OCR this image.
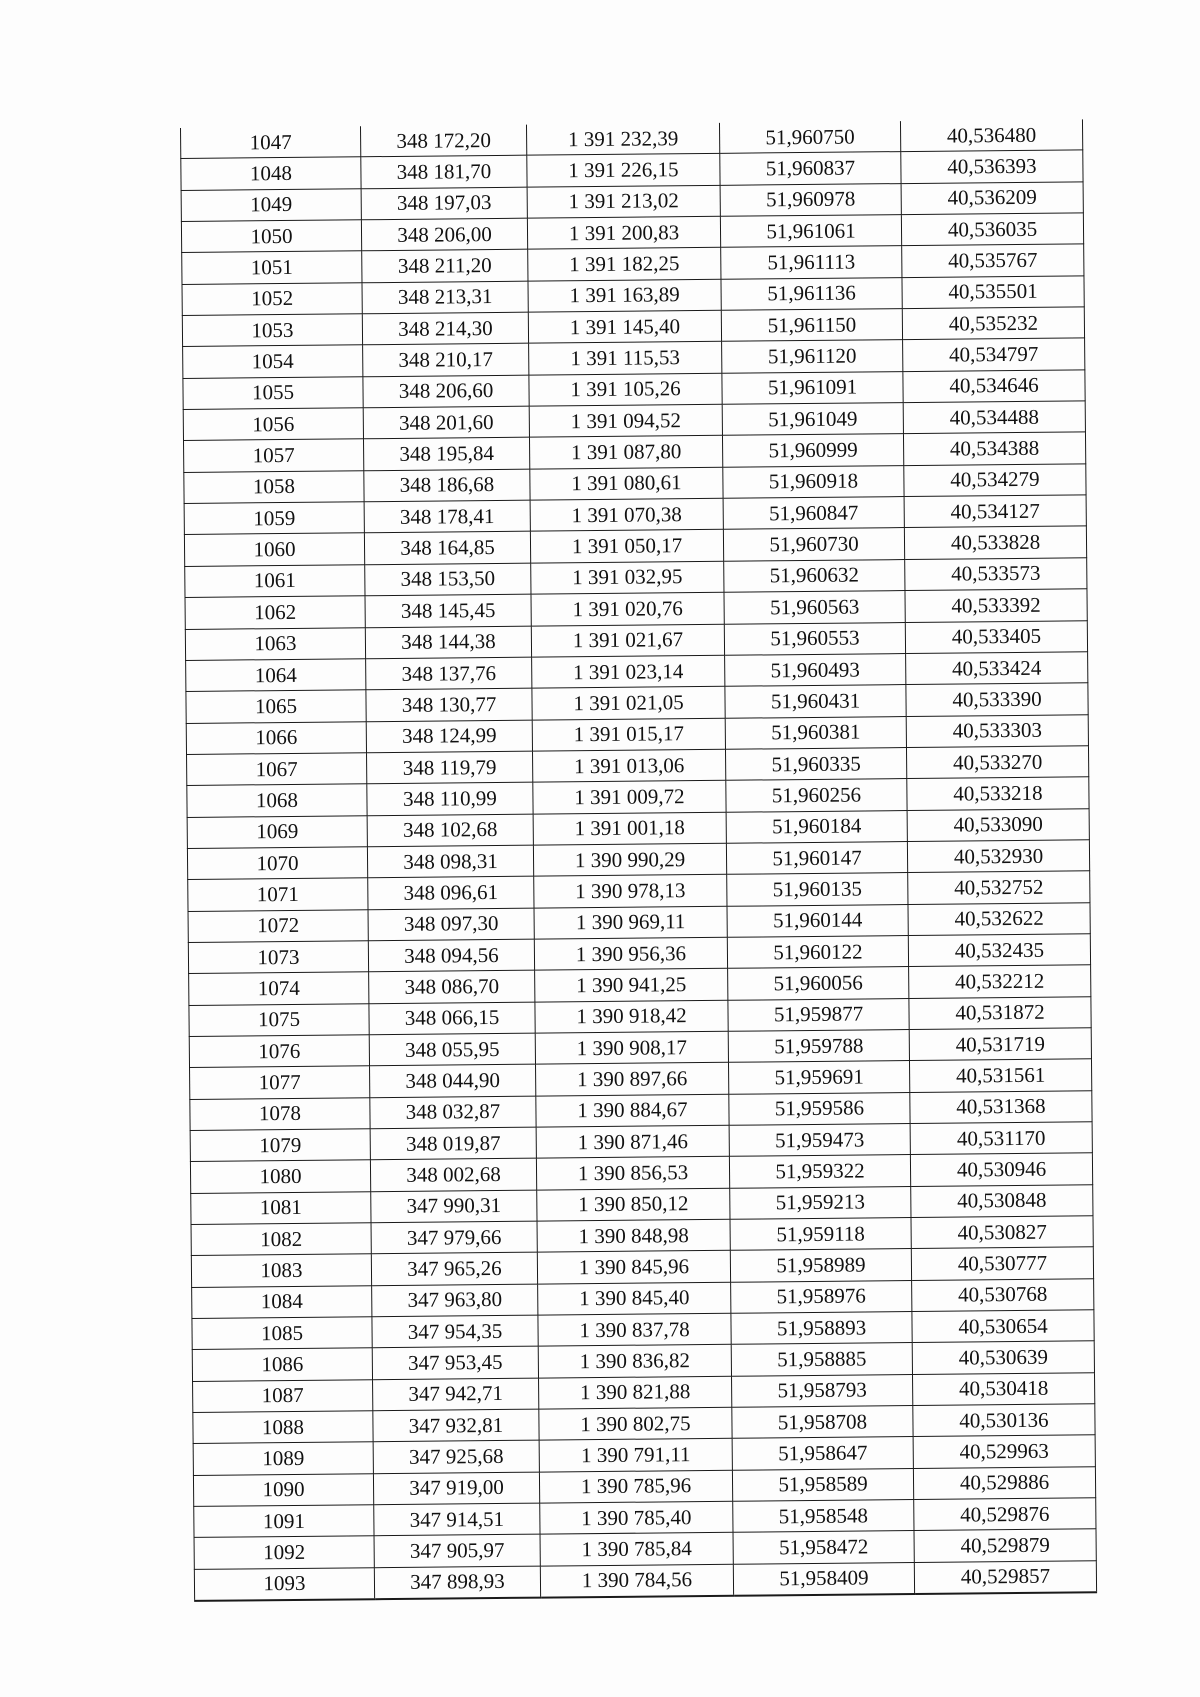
1047	348 172,20	1 391 232,39	51,960750	40,536480
1048	348 181,70	1 391 226,15	51,960837	40,536393
1049	348 197,03	1 391 213,02	51,960978	40,536209
1050	348 206,00	1 391 200,83	51,961061	40,536035
1051	348 211,20	1 391 182,25	51,961113	40,535767
1052	348 213,31	1 391 163,89	51,961136	40,535501
1053	348 214,30	1 391 145,40	51,961150	40,535232
1054	348 210,17	1 391 115,53	51,961120	40,534797
1055	348 206,60	1 391 105,26	51,961091	40,534646
1056	348 201,60	1 391 094,52	51,961049	40,534488
1057	348 195,84	1 391 087,80	51,960999	40,534388
1058	348 186,68	1 391 080,61	51,960918	40,534279
1059	348 178,41	1 391 070,38	51,960847	40,534127
1060	348 164,85	1 391 050,17	51,960730	40,533828
1061	348 153,50	1 391 032,95	51,960632	40,533573
1062	348 145,45	1 391 020,76	51,960563	40,533392
1063	348 144,38	1 391 021,67	51,960553	40,533405
1064	348 137,76	1 391 023,14	51,960493	40,533424
1065	348 130,77	1 391 021,05	51,960431	40,533390
1066	348 124,99	1 391 015,17	51,960381	40,533303
1067	348 119,79	1 391 013,06	51,960335	40,533270
1068	348 110,99	1 391 009,72	51,960256	40,533218
1069	348 102,68	1 391 001,18	51,960184	40,533090
1070	348 098,31	1 390 990,29	51,960147	40,532930
1071	348 096,61	1 390 978,13	51,960135	40,532752
1072	348 097,30	1 390 969,11	51,960144	40,532622
1073	348 094,56	1 390 956,36	51,960122	40,532435
1074	348 086,70	1 390 941,25	51,960056	40,532212
1075	348 066,15	1 390 918,42	51,959877	40,531872
1076	348 055,95	1 390 908,17	51,959788	40,531719
1077	348 044,90	1 390 897,66	51,959691	40,531561
1078	348 032,87	1 390 884,67	51,959586	40,531368
1079	348 019,87	1 390 871,46	51,959473	40,531170
1080	348 002,68	1 390 856,53	51,959322	40,530946
1081	347 990,31	1 390 850,12	51,959213	40,530848
1082	347 979,66	1 390 848,98	51,959118	40,530827
1083	347 965,26	1 390 845,96	51,958989	40,530777
1084	347 963,80	1 390 845,40	51,958976	40,530768
1085	347 954,35	1 390 837,78	51,958893	40,530654
1086	347 953,45	1 390 836,82	51,958885	40,530639
1087	347 942,71	1 390 821,88	51,958793	40,530418
1088	347 932,81	1 390 802,75	51,958708	40,530136
1089	347 925,68	1 390 791,11	51,958647	40,529963
1090	347 919,00	1 390 785,96	51,958589	40,529886
1091	347 914,51	1 390 785,40	51,958548	40,529876
1092	347 905,97	1 390 785,84	51,958472	40,529879
1093	347 898,93	1 390 784,56	51,958409	40,529857
